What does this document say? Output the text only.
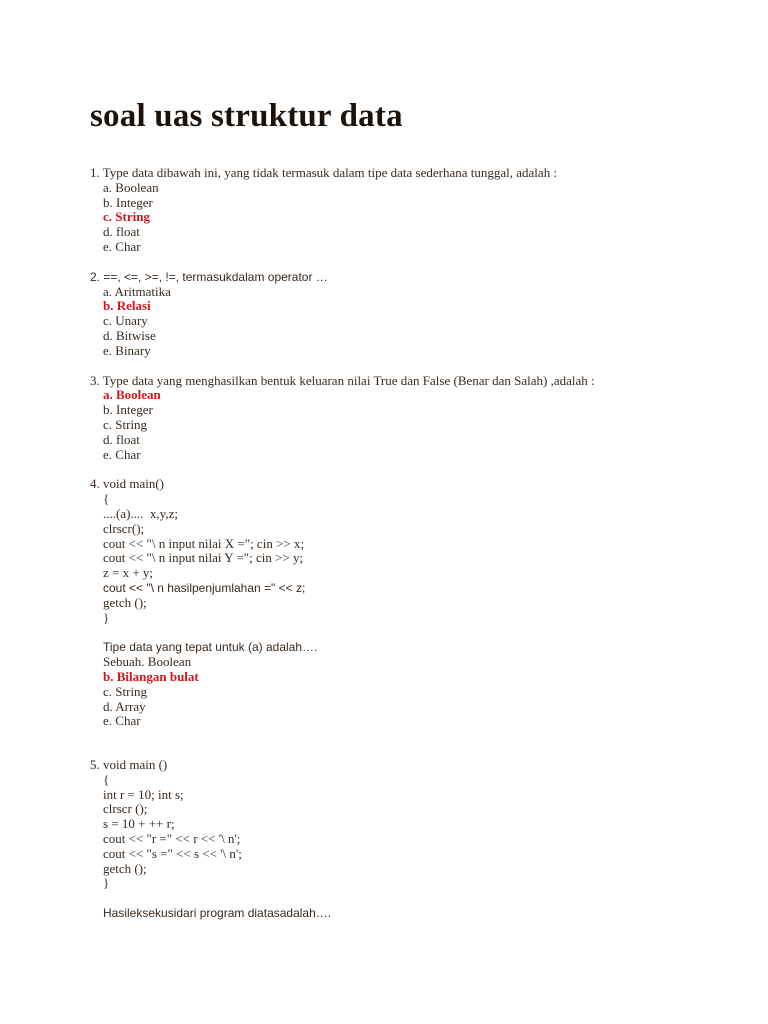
soal uas struktur data
1. Type data dibawah ini, yang tidak termasuk dalam tipe data sederhana tunggal, adalah :
a. Boolean
b. Integer
c. String
d. float
e. Char
2. ==, <=, >=, !=, termasukdalam operator …
a. Aritmatika
b. Relasi
c. Unary
d. Bitwise
e. Binary
3. Type data yang menghasilkan bentuk keluaran nilai True dan False (Benar dan Salah) ,adalah :
a. Boolean
b. Integer
c. String
d. float
e. Char
4. void main()
{
....(a)....  x,y,z;
clrscr();
cout << "\ n input nilai X ="; cin >> x;
cout << "\ n input nilai Y ="; cin >> y;
z = x + y;
cout << "\ n hasilpenjumlahan =" << z;
getch ();
}
Tipe data yang tepat untuk (a) adalah….
Sebuah. Boolean
b. Bilangan bulat
c. String
d. Array
e. Char
5. void main ()
{
int r = 10; int s;
clrscr ();
s = 10 + ++ r;
cout << "r =" << r << '\ n';
cout << "s =" << s << '\ n';
getch ();
}
Hasileksekusidari program diatasadalah….
